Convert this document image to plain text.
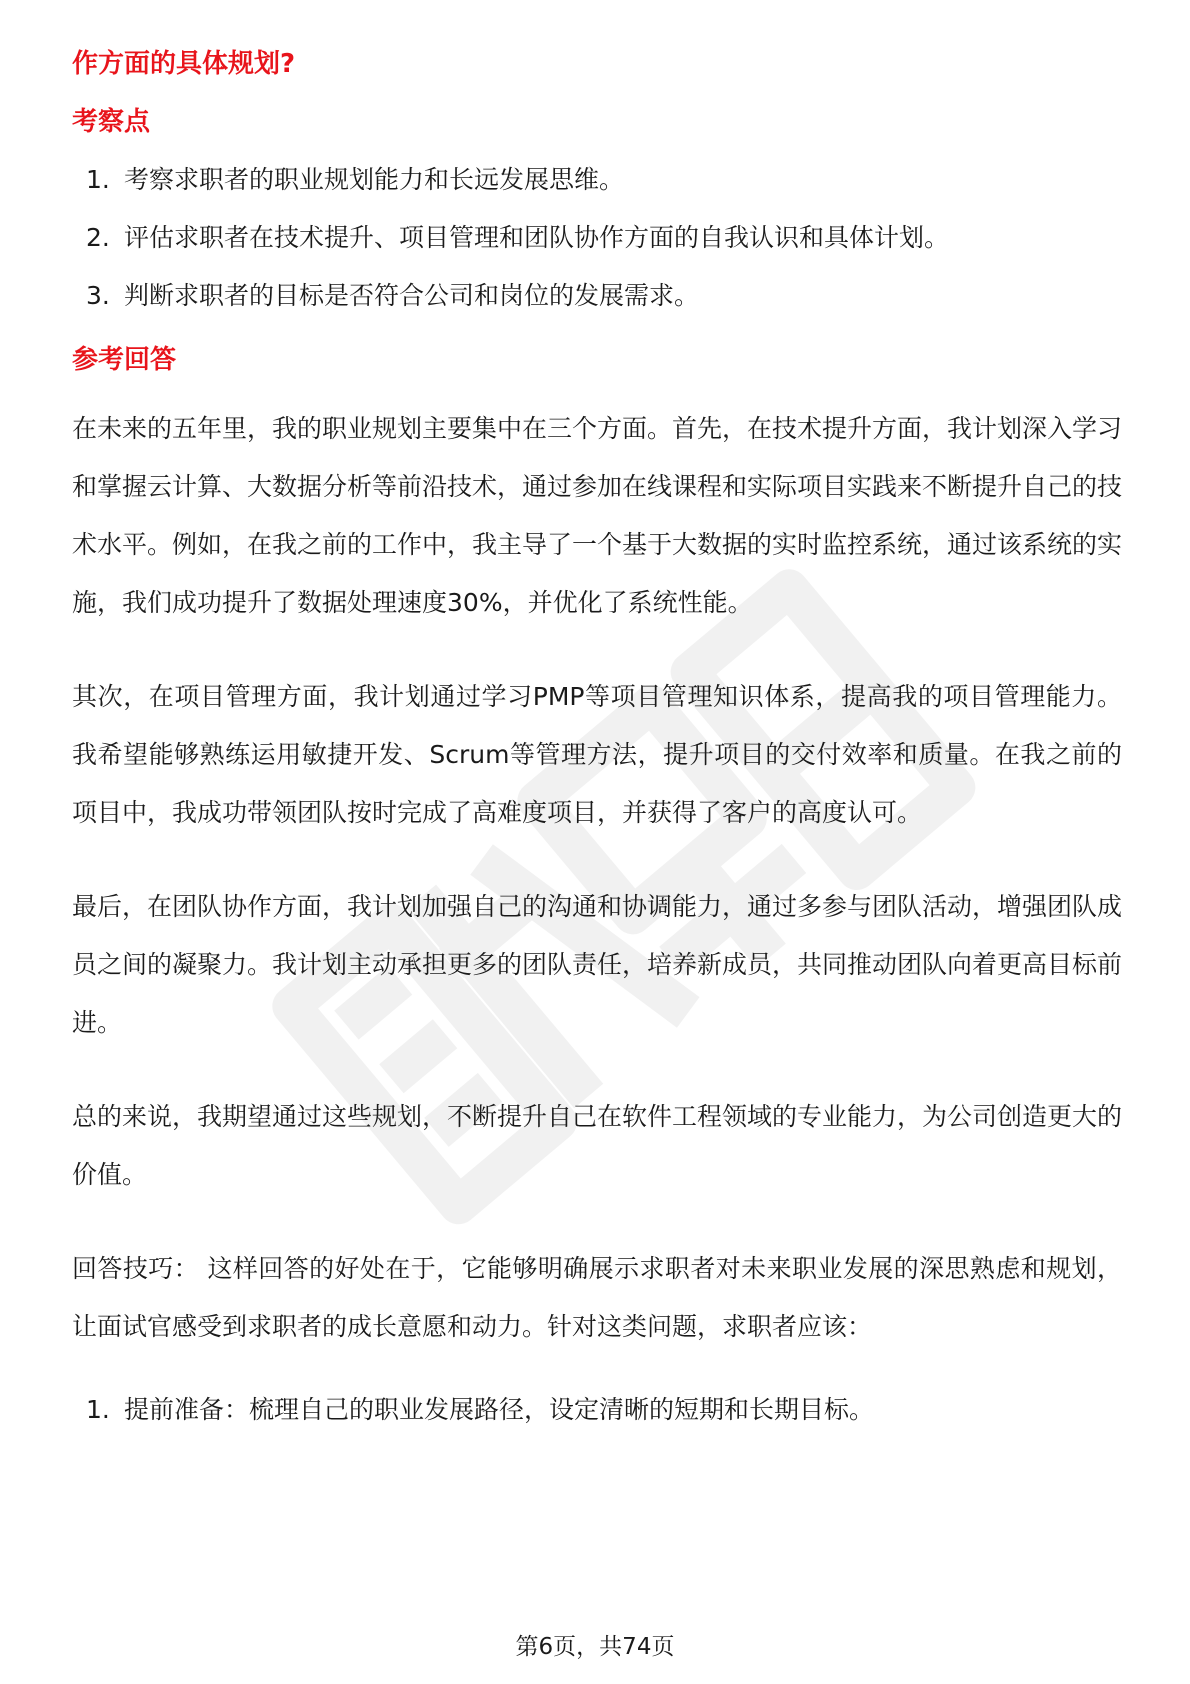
作方面的具体规划?
考察点
1. 考察求职者的职业规划能力和长远发展思维。
2. 评估求职者在技术提升、项目管理和团队协作方面的自我认识和具体计划。
3. 判断求职者的目标是否符合公司和岗位的发展需求。
参考回答

在未来的五年里，我的职业规划主要集中在三个方面。首先，在技术提升方面，我计划深入学习和掌握云计算、大数据分析等前沿技术，通过参加在线课程和实际项目实践来不断提升自己的技术水平。例如，在我之前的工作中，我主导了一个基于大数据的实时监控系统，通过该系统的实施，我们成功提升了数据处理速度30%，并优化了系统性能。

其次，在项目管理方面，我计划通过学习PMP等项目管理知识体系，提高我的项目管理能力。我希望能够熟练运用敏捷开发、Scrum等管理方法，提升项目的交付效率和质量。在我之前的项目中，我成功带领团队按时完成了高难度项目，并获得了客户的高度认可。

最后，在团队协作方面，我计划加强自己的沟通和协调能力，通过多参与团队活动，增强团队成员之间的凝聚力。我计划主动承担更多的团队责任，培养新成员，共同推动团队向着更高目标前进。

总的来说，我期望通过这些规划，不断提升自己在软件工程领域的专业能力，为公司创造更大的价值。

回答技巧： 这样回答的好处在于，它能够明确展示求职者对未来职业发展的深思熟虑和规划，让面试官感受到求职者的成长意愿和动力。针对这类问题，求职者应该：

1. 提前准备：梳理自己的职业发展路径，设定清晰的短期和长期目标。
第6页，共74页
